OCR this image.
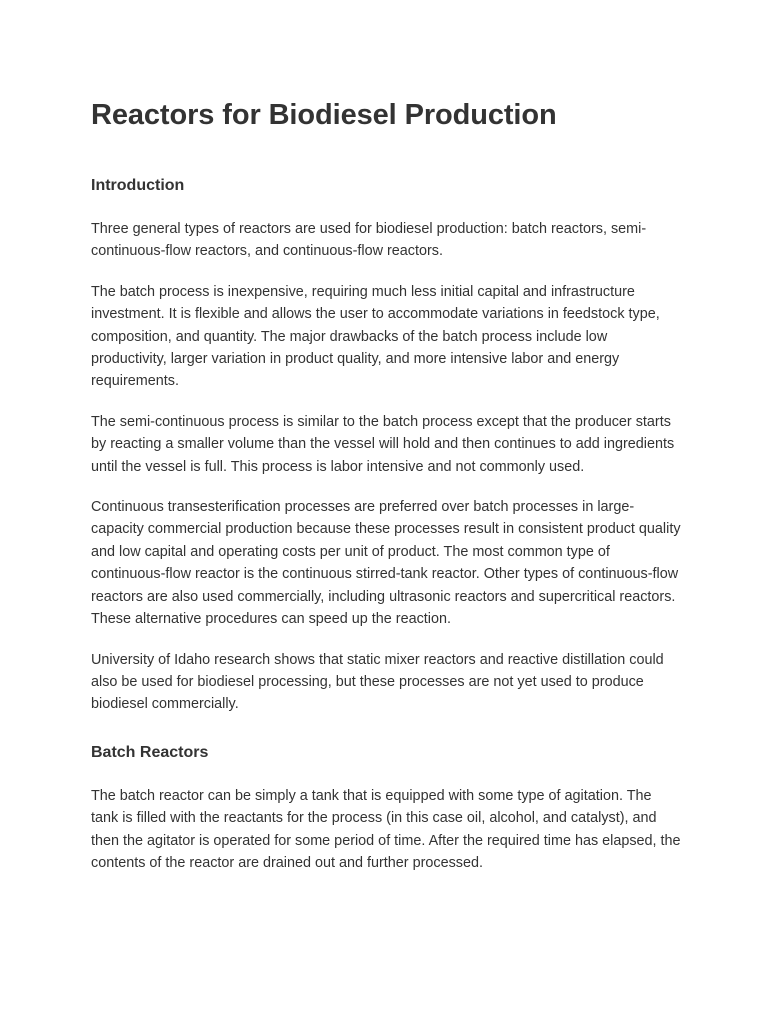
Reactors for Biodiesel Production
Introduction

Three general types of reactors are used for biodiesel production: batch reactors, semi-continuous-flow reactors, and continuous-flow reactors.

The batch process is inexpensive, requiring much less initial capital and infrastructure investment. It is flexible and allows the user to accommodate variations in feedstock type, composition, and quantity. The major drawbacks of the batch process include low productivity, larger variation in product quality, and more intensive labor and energy requirements.

The semi-continuous process is similar to the batch process except that the producer starts by reacting a smaller volume than the vessel will hold and then continues to add ingredients until the vessel is full. This process is labor intensive and not commonly used.

Continuous transesterification processes are preferred over batch processes in large-capacity commercial production because these processes result in consistent product quality and low capital and operating costs per unit of product. The most common type of continuous-flow reactor is the continuous stirred-tank reactor. Other types of continuous-flow reactors are also used commercially, including ultrasonic reactors and supercritical reactors. These alternative procedures can speed up the reaction.

University of Idaho research shows that static mixer reactors and reactive distillation could also be used for biodiesel processing, but these processes are not yet used to produce biodiesel commercially.

Batch Reactors

The batch reactor can be simply a tank that is equipped with some type of agitation. The tank is filled with the reactants for the process (in this case oil, alcohol, and catalyst), and then the agitator is operated for some period of time. After the required time has elapsed, the contents of the reactor are drained out and further processed.
